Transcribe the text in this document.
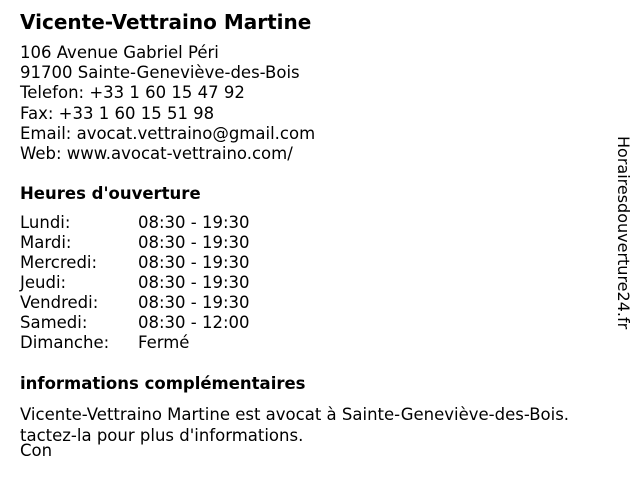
Vicente-Vettraino Martine
106 Avenue Gabriel Péri
91700 Sainte-Geneviève-des-Bois
Telefon: +33 1 60 15 47 92
Fax: +33 1 60 15 51 98
Email: avocat.vettraino@gmail.com
Web: www.avocat-vettraino.com/
Heures d'ouverture
Lundi:	08:30 - 19:30
Mardi:	08:30 - 19:30
Mercredi:	08:30 - 19:30
Jeudi:	08:30 - 19:30
Vendredi:	08:30 - 19:30
Samedi:	08:30 - 12:00
Dimanche:	Fermé
informations complémentaires
Vicente-Vettraino Martine est avocat à Sainte-Geneviève-des-Bois.
tactez-la pour plus d'informations.
Con
Horairesdouverture24.fr
